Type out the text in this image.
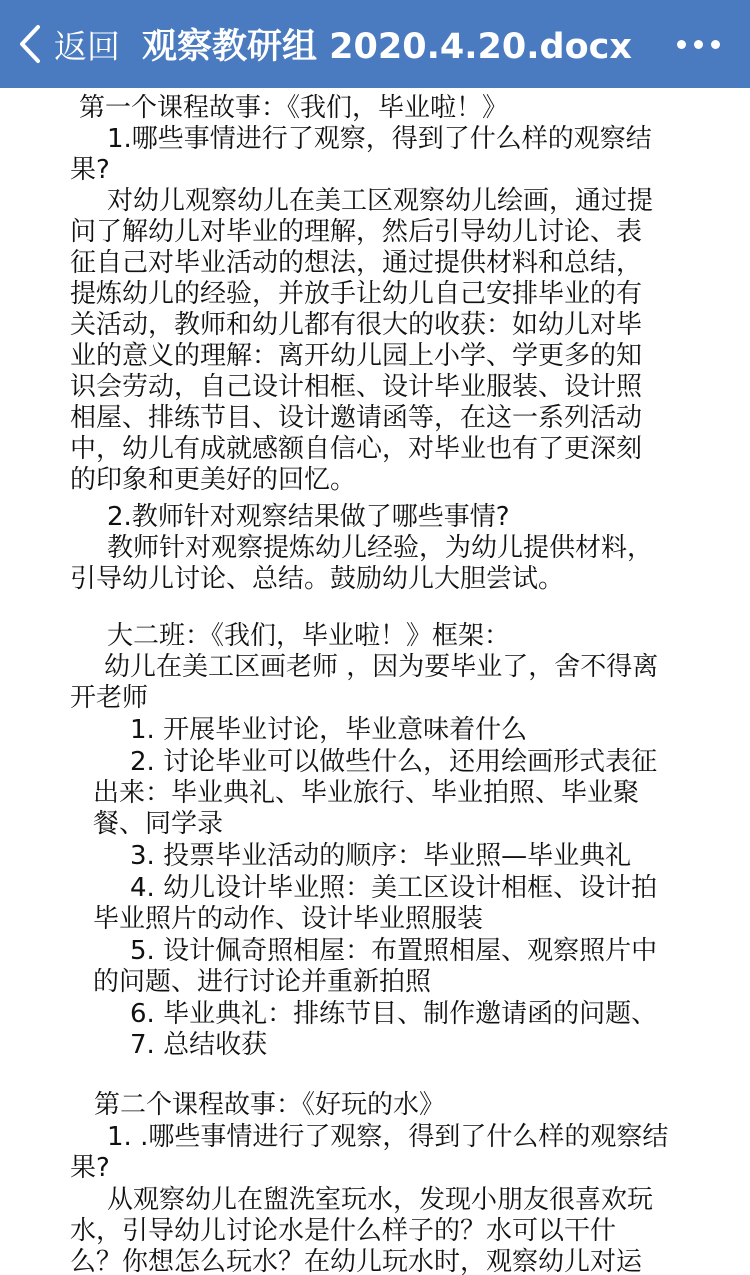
返回 观察教研组 2020.4.20.docx
第一个课程故事：《我们，毕业啦！》
1.哪些事情进行了观察，得到了什么样的观察结
果?
对幼儿观察幼儿在美工区观察幼儿绘画，通过提
问了解幼儿对毕业的理解，然后引导幼儿讨论、表
征自己对毕业活动的想法，通过提供材料和总结，
提炼幼儿的经验，并放手让幼儿自己安排毕业的有
关活动，教师和幼儿都有很大的收获：如幼儿对毕
业的意义的理解：离开幼儿园上小学、学更多的知
识会劳动，自己设计相框、设计毕业服装、设计照
相屋、排练节目、设计邀请函等，在这一系列活动
中，幼儿有成就感额自信心，对毕业也有了更深刻
的印象和更美好的回忆。
2.教师针对观察结果做了哪些事情?
教师针对观察提炼幼儿经验，为幼儿提供材料，
引导幼儿讨论、总结。鼓励幼儿大胆尝试。
大二班：《我们，毕业啦！》框架：
幼儿在美工区画老师 ，因为要毕业了，舍不得离
开老师
1. 开展毕业讨论，毕业意味着什么
2. 讨论毕业可以做些什么，还用绘画形式表征
出来：毕业典礼、毕业旅行、毕业拍照、毕业聚
餐、同学录
3. 投票毕业活动的顺序：毕业照—毕业典礼
4. 幼儿设计毕业照：美工区设计相框、设计拍
毕业照片的动作、设计毕业照服装
5. 设计佩奇照相屋：布置照相屋、观察照片中
的问题、进行讨论并重新拍照
6. 毕业典礼：排练节目、制作邀请函的问题、
7. 总结收获
第二个课程故事：《好玩的水》
1. .哪些事情进行了观察，得到了什么样的观察结
果?
从观察幼儿在盥洗室玩水，发现小朋友很喜欢玩
水，引导幼儿讨论水是什么样子的？水可以干什
么？你想怎么玩水？在幼儿玩水时，观察幼儿对运
